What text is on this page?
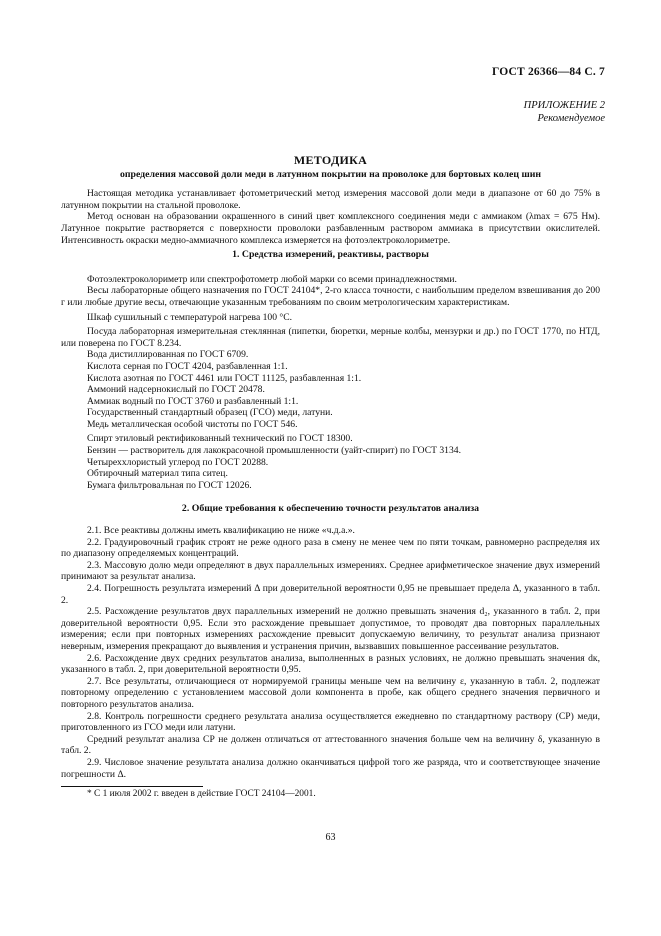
ГОСТ 26366—84 С. 7
ПРИЛОЖЕНИЕ 2
Рекомендуемое
МЕТОДИКА
определения массовой доли меди в латунном покрытии на проволоке для бортовых колец шин

Настоящая методика устанавливает фотометрический метод измерения массовой доли меди в диапазоне от 60 до 75% в латунном покрытии на стальной проволоке.

Метод основан на образовании окрашенного в синий цвет комплексного соединения меди с аммиаком (λmax = 675 Нм). Латунное покрытие растворяется с поверхности проволоки разбавленным раствором аммиака в присутствии окислителей. Интенсивность окраски медно-аммиачного комплекса измеряется на фотоэлектроколориметре.

1. Средства измерений, реактивы, растворы

Фотоэлектроколориметр или спектрофотометр любой марки со всеми принадлежностями.

Весы лабораторные общего назначения по ГОСТ 24104*, 2-го класса точности, с наибольшим пределом взвешивания до 200 г или любые другие весы, отвечающие указанным требованиям по своим метрологическим характеристикам.

Шкаф сушильный с температурой нагрева 100 °С.

Посуда лабораторная измерительная стеклянная (пипетки, бюретки, мерные колбы, мензурки и др.) по ГОСТ 1770, по НТД, или поверена по ГОСТ 8.234.

Вода дистиллированная по ГОСТ 6709.

Кислота серная по ГОСТ 4204, разбавленная 1:1.

Кислота азотная по ГОСТ 4461 или ГОСТ 11125, разбавленная 1:1.

Аммоний надсернокислый по ГОСТ 20478.

Аммиак водный по ГОСТ 3760 и разбавленный 1:1.

Государственный стандартный образец (ГСО) меди, латуни.

Медь металлическая особой чистоты по ГОСТ 546.

Спирт этиловый ректификованный технический по ГОСТ 18300.

Бензин — растворитель для лакокрасочной промышленности (уайт-спирит) по ГОСТ 3134.

Четыреххлористый углерод по ГОСТ 20288.

Обтирочный материал типа ситец.

Бумага фильтровальная по ГОСТ 12026.

2. Общие требования к обеспечению точности результатов анализа

2.1. Все реактивы должны иметь квалификацию не ниже «ч.д.а.».

2.2. Градуировочный график строят не реже одного раза в смену не менее чем по пяти точкам, равномерно распределяя их по диапазону определяемых концентраций.

2.3. Массовую долю меди определяют в двух параллельных измерениях. Среднее арифметическое значение двух измерений принимают за результат анализа.

2.4. Погрешность результата измерений Δ при доверительной вероятности 0,95 не превышает предела Δ, указанного в табл. 2.

2.5. Расхождение результатов двух параллельных измерений не должно превышать значения d₂, указанного в табл. 2, при доверительной вероятности 0,95. Если это расхождение превышает допустимое, то проводят два повторных параллельных измерения; если при повторных измерениях расхождение превысит допускаемую величину, то результат анализа признают неверным, измерения прекращают до выявления и устранения причин, вызвавших повышенное рассеивание результатов.

2.6. Расхождение двух средних результатов анализа, выполненных в разных условиях, не должно превышать значения dк, указанного в табл. 2, при доверительной вероятности 0,95.

2.7. Все результаты, отличающиеся от нормируемой границы меньше чем на величину ε, указанную в табл. 2, подлежат повторному определению с установлением массовой доли компонента в пробе, как общего среднего значения первичного и повторного результатов анализа.

2.8. Контроль погрешности среднего результата анализа осуществляется ежедневно по стандартному раствору (СР) меди, приготовленного из ГСО меди или латуни.

Средний результат анализа СР не должен отличаться от аттестованного значения больше чем на величину δ, указанную в табл. 2.

2.9. Числовое значение результата анализа должно оканчиваться цифрой того же разряда, что и соответствующее значение погрешности Δ.

* С 1 июля 2002 г. введен в действие ГОСТ 24104—2001.

63
